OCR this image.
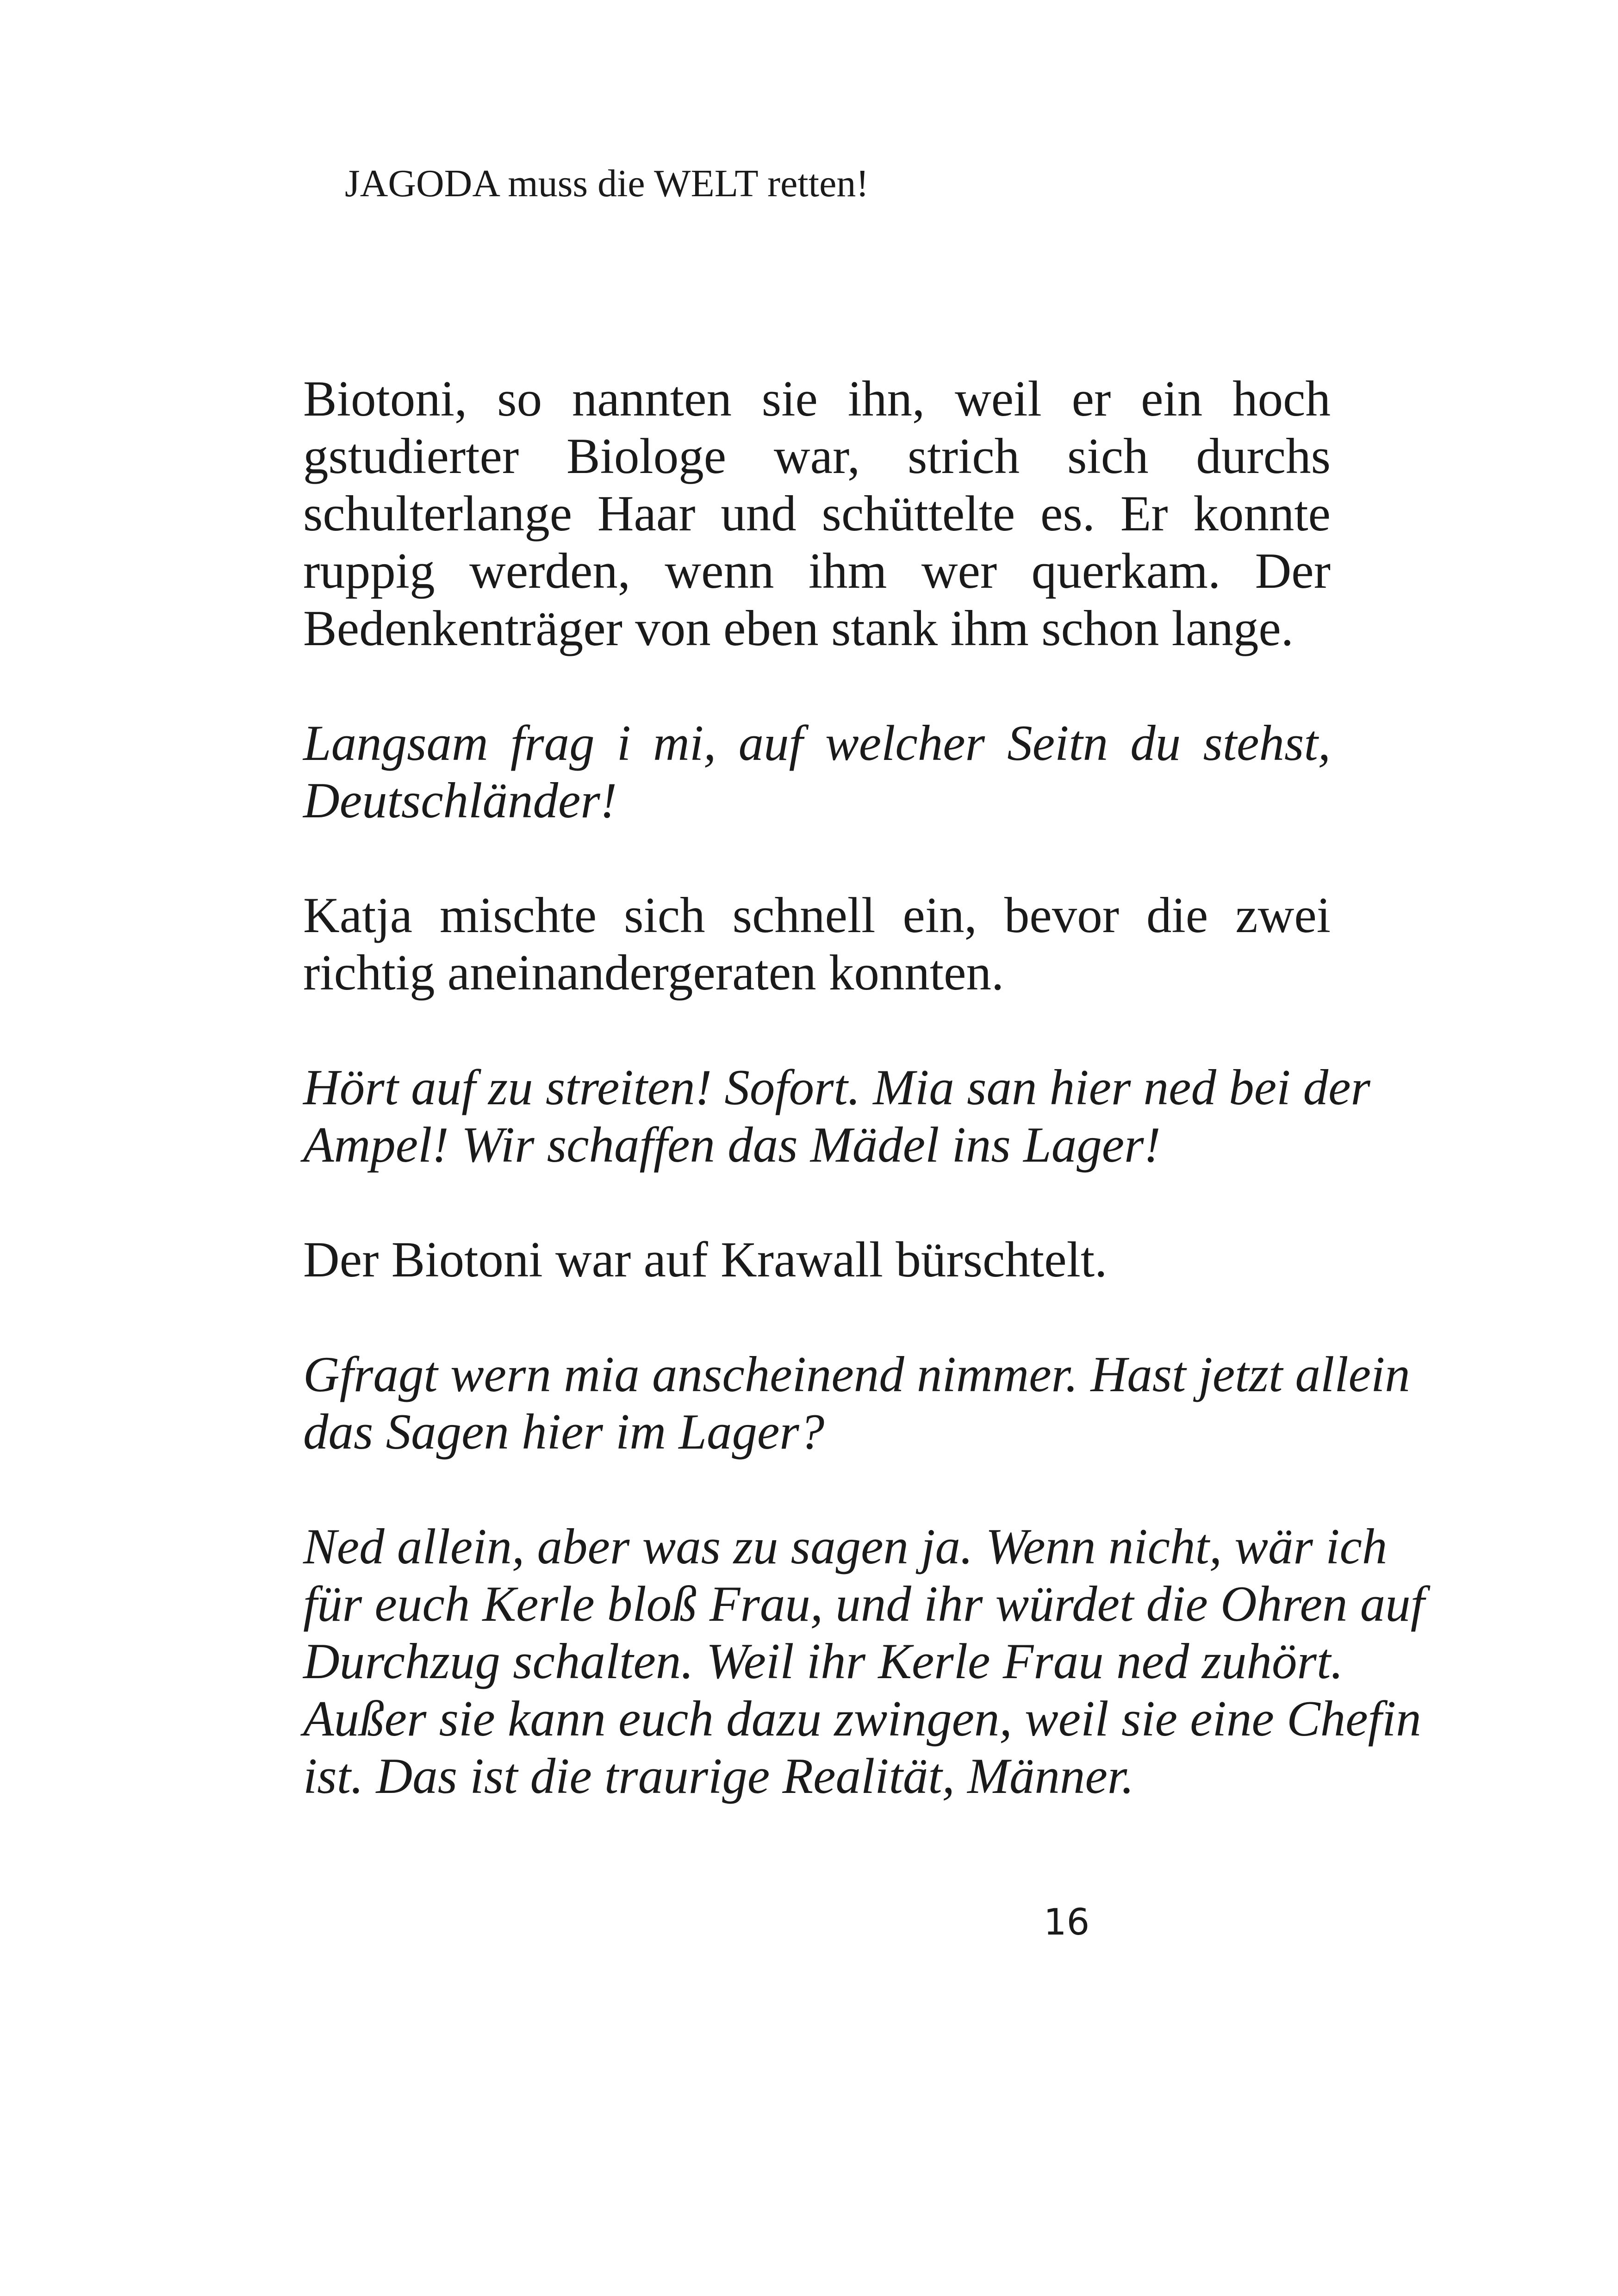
JAGODA muss die WELT retten!

Biotoni, so nannten sie ihn, weil er ein hoch
gstudierter Biologe war, strich sich durchs
schulterlange Haar und schüttelte es. Er konnte
ruppig werden, wenn ihm wer querkam. Der
Bedenkenträger von eben stank ihm schon lange.

Langsam frag i mi, auf welcher Seitn du stehst,
Deutschländer!

Katja mischte sich schnell ein, bevor die zwei
richtig aneinandergeraten konnten.

Hört auf zu streiten! Sofort. Mia san hier ned bei der
Ampel! Wir schaffen das Mädel ins Lager!

Der Biotoni war auf Krawall bürschtelt.

Gfragt wern mia anscheinend nimmer. Hast jetzt allein
das Sagen hier im Lager?

Ned allein, aber was zu sagen ja. Wenn nicht, wär ich
für euch Kerle bloß Frau, und ihr würdet die Ohren auf
Durchzug schalten. Weil ihr Kerle Frau ned zuhört.
Außer sie kann euch dazu zwingen, weil sie eine Chefin
ist. Das ist die traurige Realität, Männer.

16
